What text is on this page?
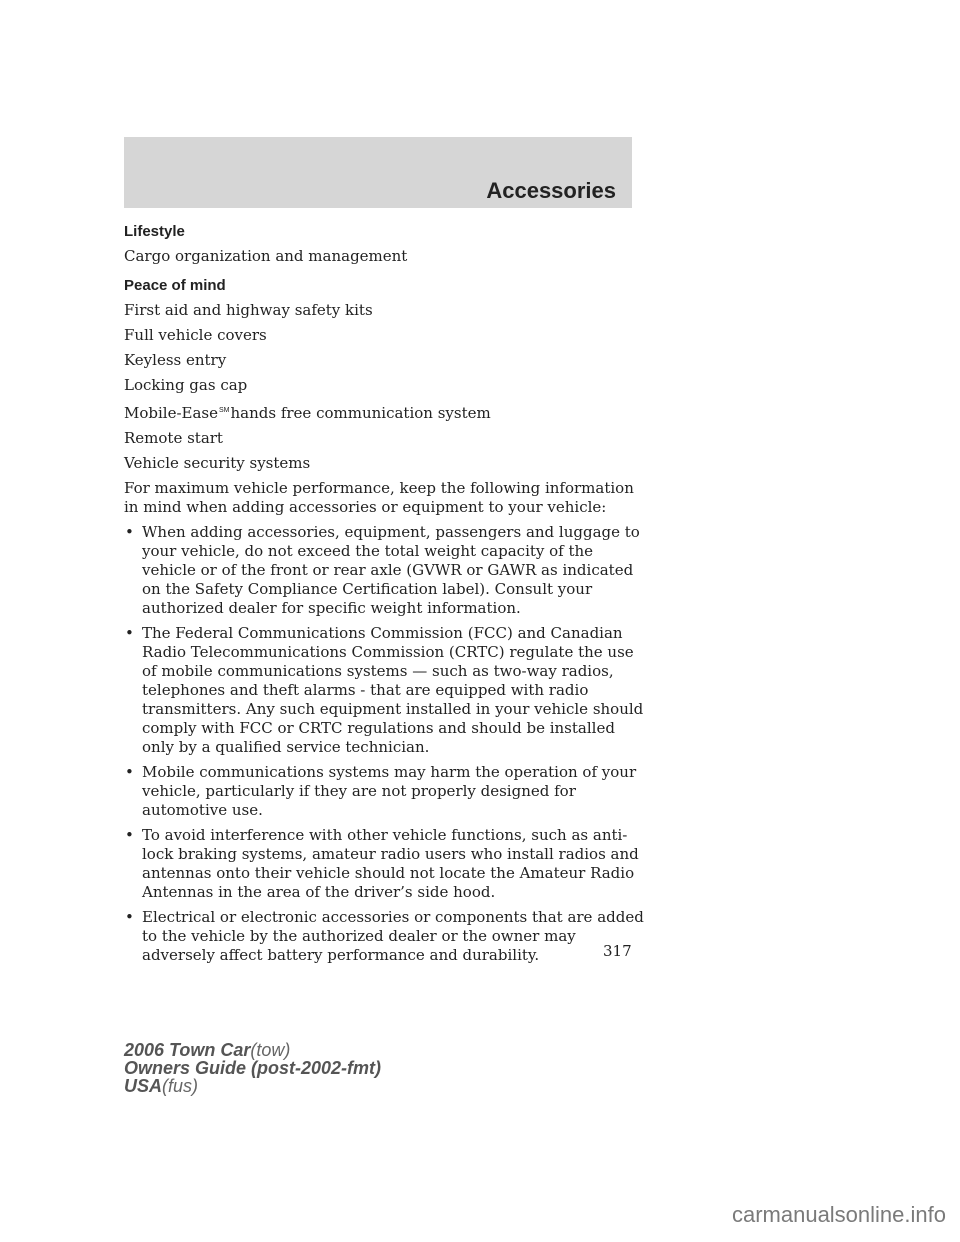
Accessories
Lifestyle
Cargo organization and management
Peace of mind
First aid and highway safety kits
Full vehicle covers
Keyless entry
Locking gas cap
Mobile-EaseSMhands free communication system
Remote start
Vehicle security systems
For maximum vehicle performance, keep the following information in mind when adding accessories or equipment to your vehicle:
• When adding accessories, equipment, passengers and luggage to your vehicle, do not exceed the total weight capacity of the vehicle or of the front or rear axle (GVWR or GAWR as indicated on the Safety Compliance Certification label). Consult your authorized dealer for specific weight information.
• The Federal Communications Commission (FCC) and Canadian Radio Telecommunications Commission (CRTC) regulate the use of mobile communications systems — such as two-way radios, telephones and theft alarms - that are equipped with radio transmitters. Any such equipment installed in your vehicle should comply with FCC or CRTC regulations and should be installed only by a qualified service technician.
• Mobile communications systems may harm the operation of your vehicle, particularly if they are not properly designed for automotive use.
• To avoid interference with other vehicle functions, such as anti-lock braking systems, amateur radio users who install radios and antennas onto their vehicle should not locate the Amateur Radio Antennas in the area of the driver’s side hood.
• Electrical or electronic accessories or components that are added to the vehicle by the authorized dealer or the owner may adversely affect battery performance and durability.	317
2006 Town Car(tow)
Owners Guide (post-2002-fmt)
USA(fus)
carmanualsonline.info
